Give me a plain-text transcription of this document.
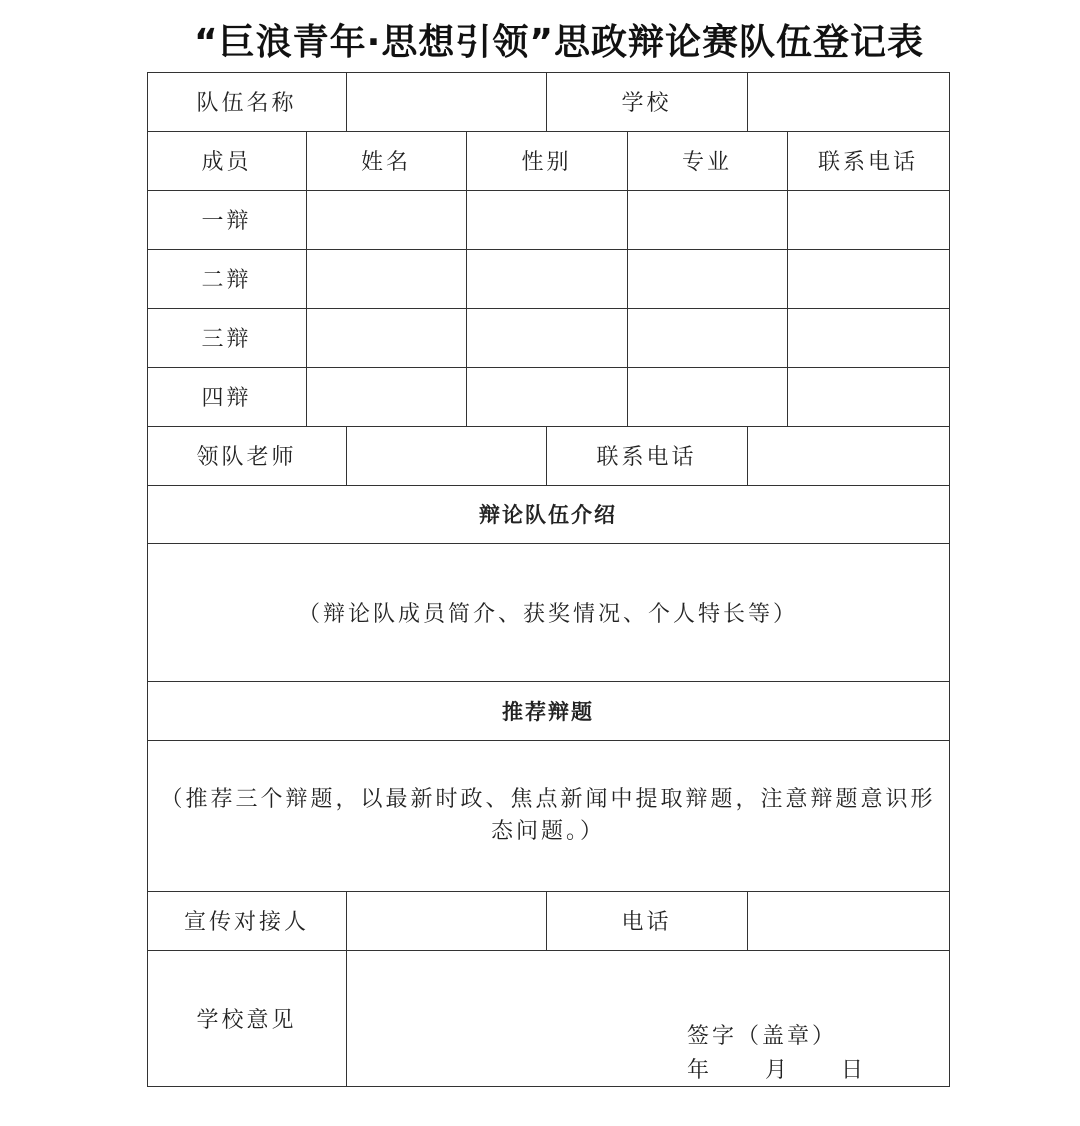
“巨浪青年·思想引领”思政辩论赛队伍登记表
队伍名称	学校
成员	姓名	性别	专业	联系电话
一辩
二辩
三辩
四辩
领队老师	联系电话
辩论队伍介绍
（辩论队成员简介、获奖情况、个人特长等）
推荐辩题
（推荐三个辩题，以最新时政、焦点新闻中提取辩题，注意辩题意识形态问题。）
宣传对接人	电话
学校意见
签字（盖章）
年 月 日
